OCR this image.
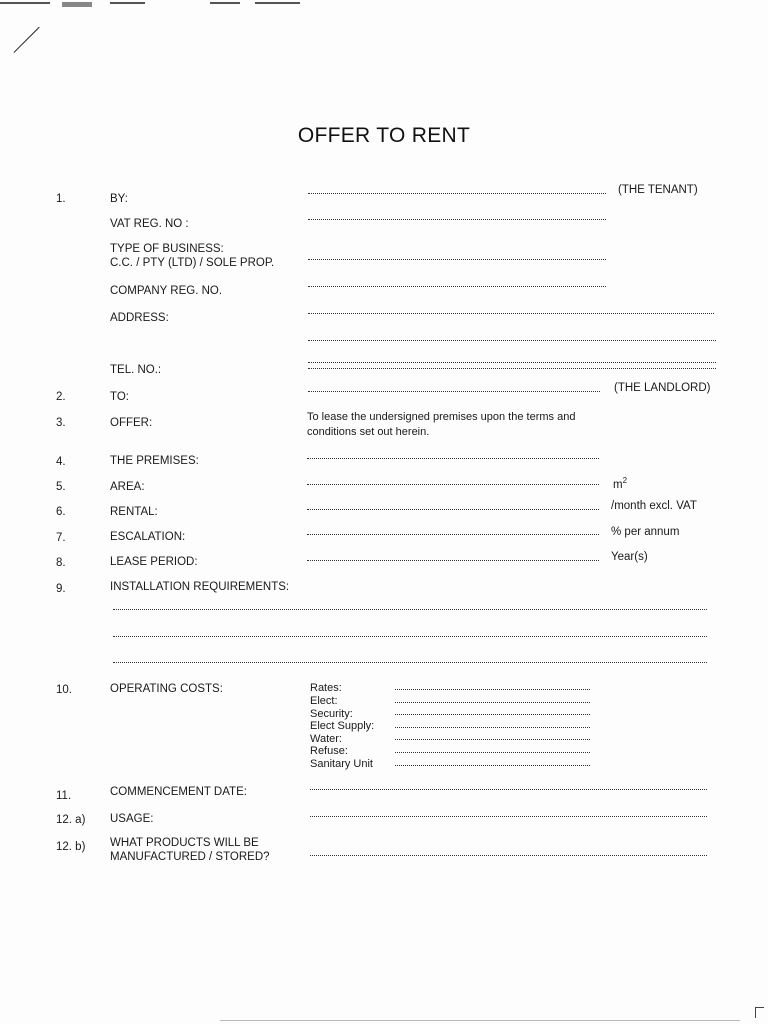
OFFER TO RENT
1.	BY:
(THE TENANT)
VAT REG. NO :
TYPE OF BUSINESS:
C.C. / PTY (LTD) / SOLE PROP.
COMPANY REG. NO.
ADDRESS:
TEL. NO.:
2.	TO:
(THE LANDLORD)
3.	OFFER:	To lease the undersigned premises upon the terms and
conditions set out herein.
4.	THE PREMISES:
5.	AREA:	$m^2$
6.	RENTAL:	/month excl. VAT
7.	ESCALATION:	% per annum
8.	LEASE PERIOD:	Year(s)
9.	INSTALLATION REQUIREMENTS:
10.	OPERATING COSTS:	Rates:
Elect:
Security:
Elect Supply:
Water:
Refuse:
Sanitary Unit
11.	COMMENCEMENT DATE:
12. a) USAGE:
12. b) WHAT PRODUCTS WILL BE
MANUFACTURED / STORED?
